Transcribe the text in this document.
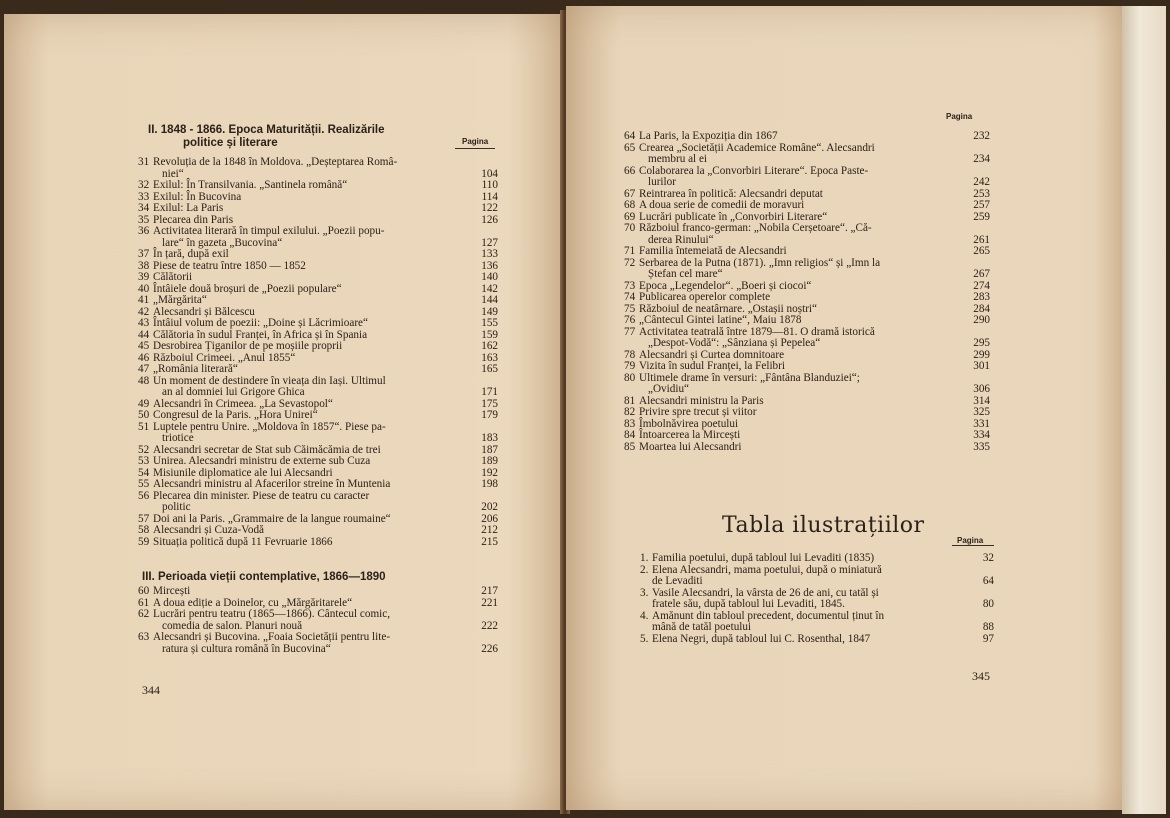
II. 1848 - 1866. Epoca Maturității. Realizările
politice și literare	Pagina
31 Revoluția de la 1848 în Moldova. „Deșteptarea Româ-
niei“	104
32 Exilul: În Transilvania. „Santinela română“	110
33 Exilul: În Bucovina	114
34 Exilul: La Paris	122
35 Plecarea din Paris	126
36 Activitatea literară în timpul exilului. „Poezii popu-
lare“ în gazeta „Bucovina“	127
37 În țară, după exil	133
38 Piese de teatru între 1850 — 1852	136
39 Călătorii	140
40 Întâiele două broșuri de „Poezii populare“	142
41 „Mărgărita“	144
42 Alecsandri și Bălcescu	149
43 Întâiul volum de poezii: „Doine și Lăcrimioare“	155
44 Călătoria în sudul Franței, în Africa și în Spania	159
45 Desrobirea Țiganilor de pe moșiile proprii	162
46 Războiul Crimeei. „Anul 1855“	163
47 „România literară“	165
48 Un moment de destindere în vieața din Iași. Ultimul
an al domniei lui Grigore Ghica	171
49 Alecsandri în Crimeea. „La Sevastopol“	175
50 Congresul de la Paris. „Hora Unirei“	179
51 Luptele pentru Unire. „Moldova în 1857“. Piese pa-
triotice	183
52 Alecsandri secretar de Stat sub Căimăcămia de trei	187
53 Unirea. Alecsandri ministru de externe sub Cuza	189
54 Misiunile diplomatice ale lui Alecsandri	192
55 Alecsandri ministru al Afacerilor streine în Muntenia	198
56 Plecarea din minister. Piese de teatru cu caracter
politic	202
57 Doi ani la Paris. „Grammaire de la langue roumaine“	206
58 Alecsandri și Cuza-Vodă	212
59 Situația politică după 11 Fevruarie 1866	215
III. Perioada vieții contemplative, 1866—1890
60 Mircești	217
61 A doua ediție a Doinelor, cu „Mărgăritarele“	221
62 Lucrări pentru teatru (1865—1866). Cântecul comic,
comedia de salon. Planuri nouă	222
63 Alecsandri și Bucovina. „Foaia Societății pentru lite-
ratura și cultura română în Bucovina“	226
344
Pagina
64 La Paris, la Expoziția din 1867	232
65 Crearea „Societății Academice Române“. Alecsandri
membru al ei	234
66 Colaborarea la „Convorbiri Literare“. Epoca Paste-
lurilor	242
67 Reintrarea în politică: Alecsandri deputat	253
68 A doua serie de comedii de moravuri	257
69 Lucrări publicate în „Convorbiri Literare“	259
70 Războiul franco-german: „Nobila Cerșetoare“. „Că-
derea Rinului“	261
71 Familia întemeiată de Alecsandri	265
72 Serbarea de la Putna (1871). „Imn religios“ și „Imn la
Ștefan cel mare“	267
73 Epoca „Legendelor“. „Boeri și ciocoi“	274
74 Publicarea operelor complete	283
75 Războiul de neatârnare. „Ostașii noștri“	284
76 „Cântecul Gintei latine“, Maiu 1878	290
77 Activitatea teatrală între 1879—81. O dramă istorică
„Despot-Vodă“: „Sânziana și Pepelea“	295
78 Alecsandri și Curtea domnitoare	299
79 Vizita în sudul Franței, la Felibri	301
80 Ultimele drame în versuri: „Fântâna Blanduziei“;
„Ovidiu“	306
81 Alecsandri ministru la Paris	314
82 Privire spre trecut și viitor	325
83 Îmbolnăvirea poetului	331
84 Întoarcerea la Mircești	334
85 Moartea lui Alecsandri	335
Tabla ilustrațiilor
Pagina
1. Familia poetului, după tabloul lui Levaditi (1835)	32
2. Elena Alecsandri, mama poetului, după o miniatură
de Levaditi	64
3. Vasile Alecsandri, la vârsta de 26 de ani, cu tatăl și
fratele său, după tabloul lui Levaditi, 1845.	80
4. Amănunt din tabloul precedent, documentul ținut în
mână de tatăl poetului	88
5. Elena Negri, după tabloul lui C. Rosenthal, 1847	97
345
